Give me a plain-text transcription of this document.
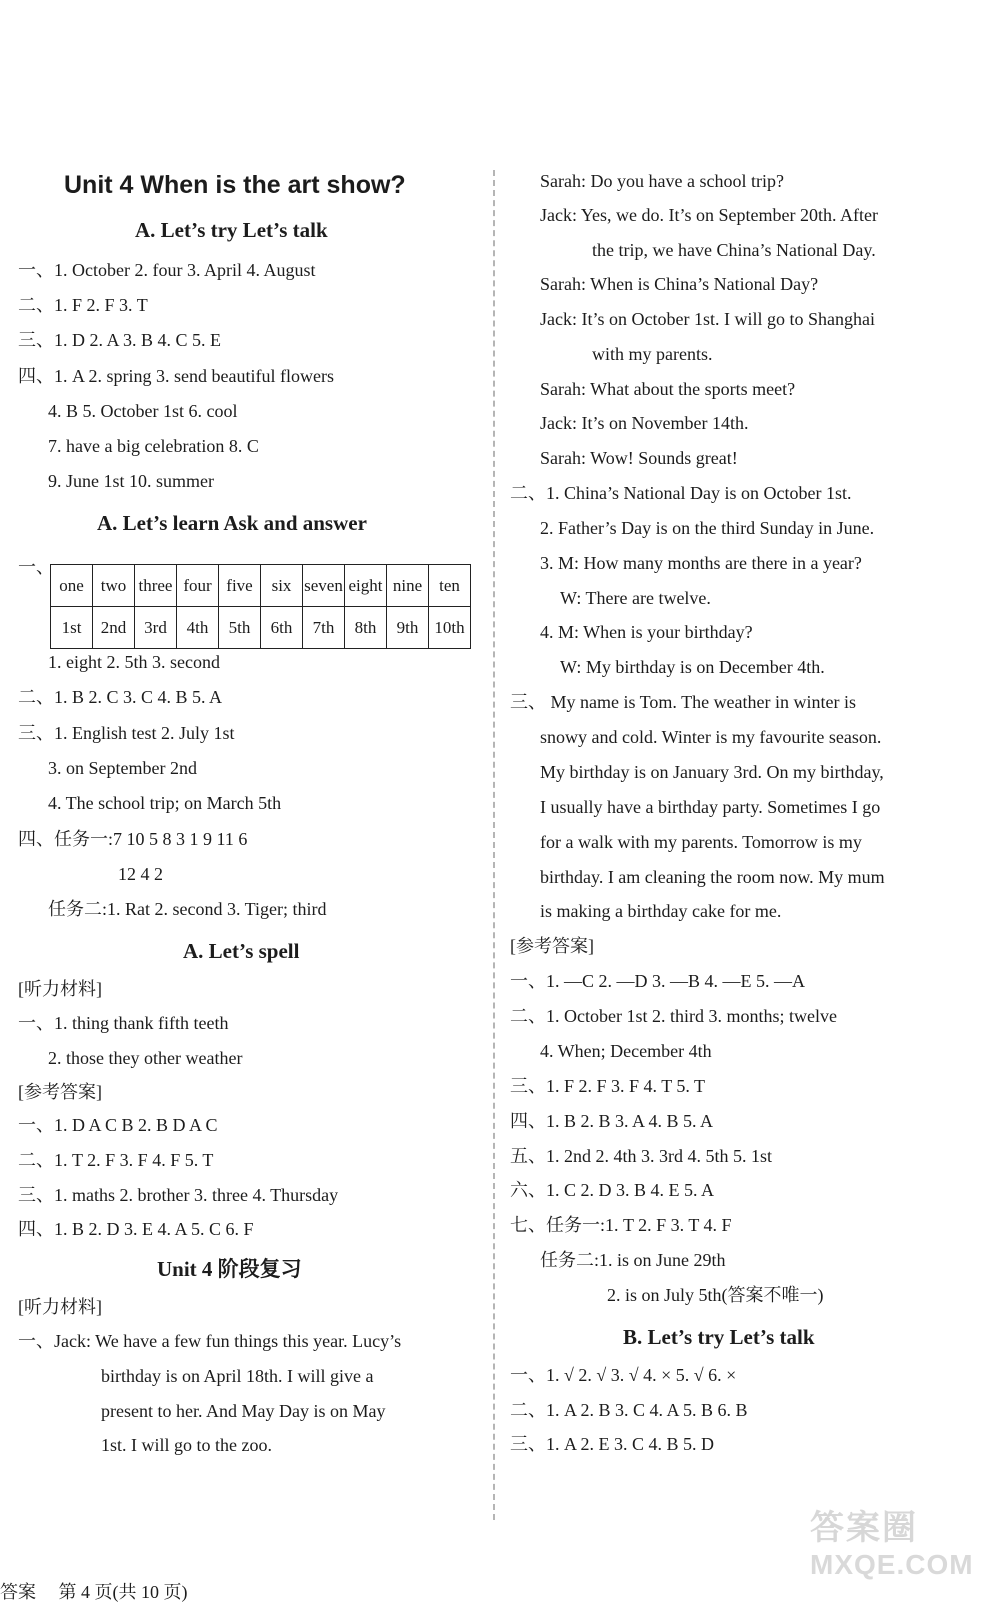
Unit 4 When is the art show?
A. Let’s try Let’s talk
一、1. October 2. four 3. April 4. August
二、1. F 2. F 3. T
三、1. D 2. A 3. B 4. C 5. E
四、1. A 2. spring 3. send beautiful flowers
4. B 5. October 1st 6. cool
7. have a big celebration 8. C
9. June 1st 10. summer
A. Let’s learn Ask and answer
一、
one	two	three	four	five	six	seven	eight	nine	ten
1st	2nd	3rd	4th	5th	6th	7th	8th	9th	10th
1. eight 2. 5th 3. second
二、1. B 2. C 3. C 4. B 5. A
三、1. English test 2. July 1st
3. on September 2nd
4. The school trip; on March 5th
四、任务一:7 10 5 8 3 1 9 11 6
12 4 2
任务二:1. Rat 2. second 3. Tiger; third
A. Let’s spell
[听力材料]
一、1. thing thank fifth teeth
2. those they other weather
[参考答案]
一、1. D A C B 2. B D A C
二、1. T 2. F 3. F 4. F 5. T
三、1. maths 2. brother 3. three 4. Thursday
四、1. B 2. D 3. E 4. A 5. C 6. F
Unit 4 阶段复习
[听力材料]
一、Jack: We have a few fun things this year. Lucy’s
birthday is on April 18th. I will give a
present to her. And May Day is on May
1st. I will go to the zoo.
Sarah: Do you have a school trip?
Jack: Yes, we do. It’s on September 20th. After
the trip, we have China’s National Day.
Sarah: When is China’s National Day?
Jack: It’s on October 1st. I will go to Shanghai
with my parents.
Sarah: What about the sports meet?
Jack: It’s on November 14th.
Sarah: Wow! Sounds great!
二、1. China’s National Day is on October 1st.
2. Father’s Day is on the third Sunday in June.
3. M: How many months are there in a year?
W: There are twelve.
4. M: When is your birthday?
W: My birthday is on December 4th.
三、 My name is Tom. The weather in winter is
snowy and cold. Winter is my favourite season.
My birthday is on January 3rd. On my birthday,
I usually have a birthday party. Sometimes I go
for a walk with my parents. Tomorrow is my
birthday. I am cleaning the room now. My mum
is making a birthday cake for me.
[参考答案]
一、1. —C 2. —D 3. —B 4. —E 5. —A
二、1. October 1st 2. third 3. months; twelve
4. When; December 4th
三、1. F 2. F 3. F 4. T 5. T
四、1. B 2. B 3. A 4. B 5. A
五、1. 2nd 2. 4th 3. 3rd 4. 5th 5. 1st
六、1. C 2. D 3. B 4. E 5. A
七、任务一:1. T 2. F 3. T 4. F
任务二:1. is on June 29th
2. is on July 5th(答案不唯一)
B. Let’s try Let’s talk
一、1. √ 2. √ 3. √ 4. × 5. √ 6. ×
二、1. A 2. B 3. C 4. A 5. B 6. B
三、1. A 2. E 3. C 4. B 5. D
答案 第 4 页(共 10 页)
答案圈
MXQE.COM
